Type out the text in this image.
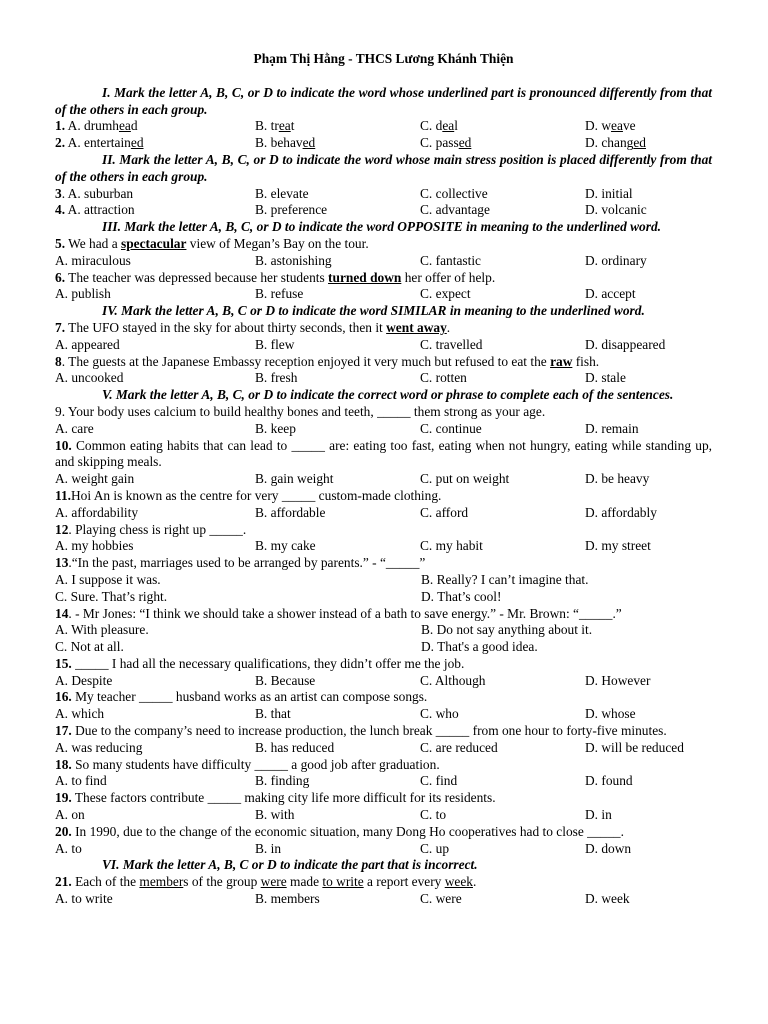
Phạm Thị Hằng - THCS Lương Khánh Thiện
I. Mark the letter A, B, C, or D to indicate the word whose underlined part is pronounced differently from that of the others in each group.
1. A. drumhead	B. treat	C. deal	D. weave
2. A. entertained	B. behaved	C. passed	D. changed
II. Mark the letter A, B, C, or D to indicate the word whose main stress position is placed differently from that of the others in each group.
3. A. suburban	B. elevate	C. collective	D. initial
4. A. attraction	B. preference	C. advantage	D. volcanic
III. Mark the letter A, B, C, or D to indicate the word OPPOSITE in meaning to the underlined word.
5. We had a spectacular view of Megan’s Bay on the tour.
A. miraculous	B. astonishing	C. fantastic	D. ordinary
6. The teacher was depressed because her students turned down her offer of help.
A. publish	B. refuse	C. expect	D. accept
IV. Mark the letter A, B, C or D to indicate the word SIMILAR in meaning to the underlined word.
7. The UFO stayed in the sky for about thirty seconds, then it went away.
A. appeared	B. flew	C. travelled	D. disappeared
8. The guests at the Japanese Embassy reception enjoyed it very much but refused to eat the raw fish.
A. uncooked	B. fresh	C. rotten	D. stale
V. Mark the letter A, B, C, or D to indicate the correct word or phrase to complete each of the sentences.
9. Your body uses calcium to build healthy bones and teeth, _____ them strong as your age.
A. care	B. keep	C. continue	D. remain
10. Common eating habits that can lead to _____ are: eating too fast, eating when not hungry, eating while standing up, and skipping meals.
A. weight gain	B. gain weight	C. put on weight	D. be heavy
11.Hoi An is known as the centre for very _____ custom-made clothing.
A. affordability	B. affordable	C. afford	D. affordably
12. Playing chess is right up _____.
A. my hobbies	B. my cake	C. my habit	D. my street
13.“In the past, marriages used to be arranged by parents.” - “_____”
A. I suppose it was.	B. Really? I can’t imagine that.
C. Sure. That’s right.	D. That’s cool!
14. - Mr Jones: “I think we should take a shower instead of a bath to save energy.” - Mr. Brown: “_____.”
A. With pleasure.	B. Do not say anything about it.
C. Not at all.	D. That's a good idea.
15. _____ I had all the necessary qualifications, they didn’t offer me the job.
A. Despite	B. Because	C. Although	D. However
16. My teacher _____ husband works as an artist can compose songs.
A. which	B. that	C. who	D. whose
17. Due to the company’s need to increase production, the lunch break _____ from one hour to forty-five minutes.
A. was reducing	B. has reduced	C. are reduced	D. will be reduced
18. So many students have difficulty _____ a good job after graduation.
A. to find	B. finding	C. find	D. found
19. These factors contribute _____ making city life more difficult for its residents.
A. on	B. with	C. to	D. in
20. In 1990, due to the change of the economic situation, many Dong Ho cooperatives had to close _____.
A. to	B. in	C. up	D. down
VI. Mark the letter A, B, C or D to indicate the part that is incorrect.
21. Each of the members of the group were made to write a report every week.
A. to write	B. members	C. were	D. week
